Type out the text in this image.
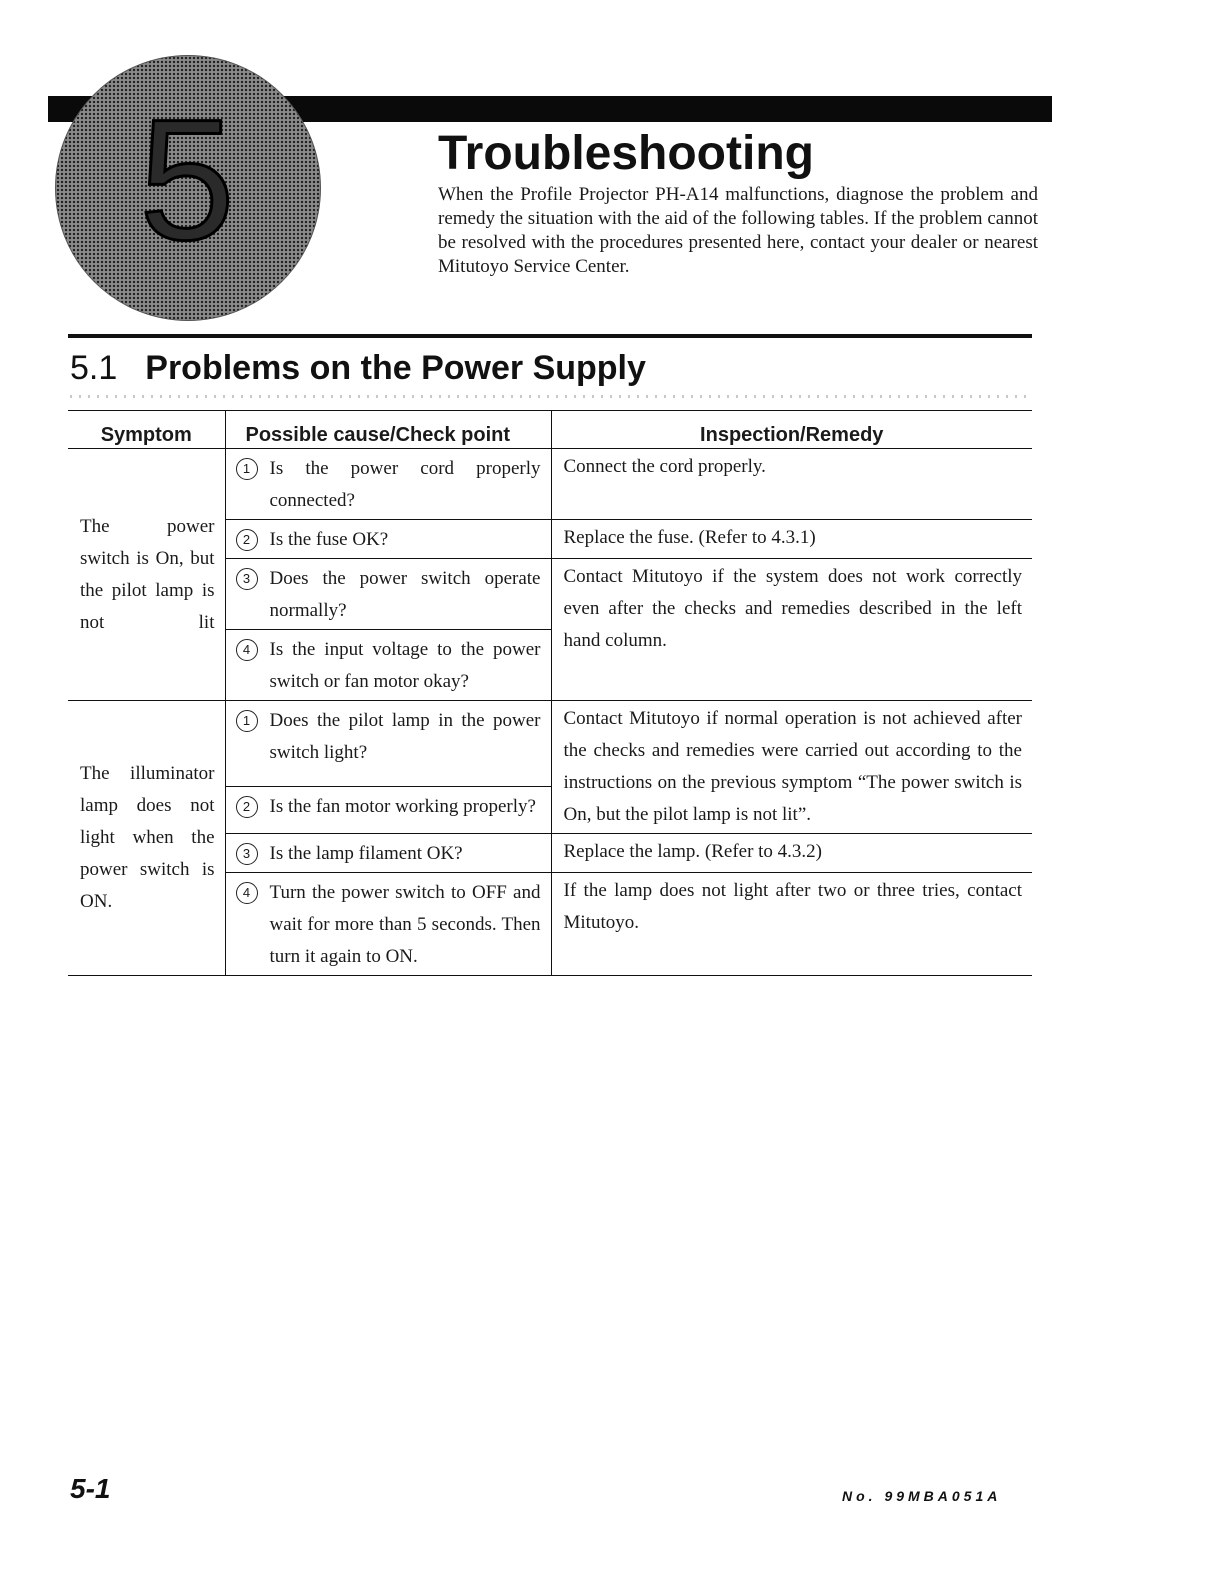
5	Troubleshooting

When the Profile Projector PH-A14 malfunctions, diagnose the problem and remedy the situation with the aid of the following tables. If the problem cannot be resolved with the procedures presented here, contact your dealer or nearest Mitutoyo Service Center.

5.1 Problems on the Power Supply
Symptom	Possible cause/Check point	Inspection/Remedy
The power switch is On, but the pilot lamp is not lit	1 Is the power cord properly connected?	Connect the cord properly.

	2 Is the fuse OK?	Replace the fuse. (Refer to 4.3.1)

	3 Does the power switch operate normally?	Contact Mitutoyo if the system does not work correctly even after the checks and remedies described in the left hand column.

	4 Is the input voltage to the power switch or fan motor okay?	

The illuminator lamp does not light when the power switch is ON.	1 Does the pilot lamp in the power switch light?	Contact Mitutoyo if normal operation is not achieved after the checks and remedies were carried out according to the instructions on the previous symptom “The power switch is On, but the pilot lamp is not lit”.

	2 Is the fan motor working properly?	

	3 Is the lamp filament OK?	Replace the lamp. (Refer to 4.3.2)

	4 Turn the power switch to OFF and wait for more than 5 seconds. Then turn it again to ON.	If the lamp does not light after two or three tries, contact Mitutoyo.

5-1	No. 99MBA051A
